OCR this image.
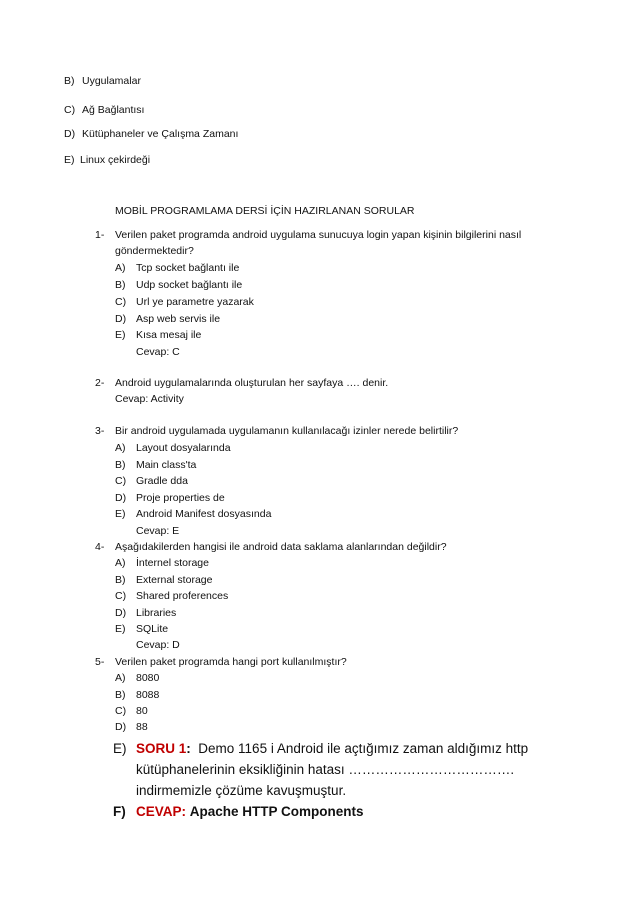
B) Uygulamalar
C) Ağ Bağlantısı
D) Kütüphaneler ve Çalışma Zamanı
E) Linux çekirdeği
MOBİL PROGRAMLAMA DERSİ İÇİN HAZIRLANAN SORULAR
1- Verilen paket programda android uygulama sunucuya login yapan kişinin bilgilerini nasıl
göndermektedir?
A) Tcp socket bağlantı ile
B) Udp socket bağlantı ile
C) Url ye parametre yazarak
D) Asp web servis ile
E) Kısa mesaj ile
Cevap: C
2- Android uygulamalarında oluşturulan her sayfaya …. denir.
Cevap: Activity
3- Bir android uygulamada uygulamanın kullanılacağı izinler nerede belirtilir?
A) Layout dosyalarında
B) Main class'ta
C) Gradle dda
D) Proje properties de
E) Android Manifest dosyasında
Cevap: E
4- Aşağıdakilerden hangisi ile android data saklama alanlarından değildir?
A) İnternel storage
B) External storage
C) Shared proferences
D) Libraries
E) SQLite
Cevap: D
5- Verilen paket programda hangi port kullanılmıştır?
A) 8080
B) 8088
C) 80
D) 88
E) SORU 1: Demo 1165 i Android ile açtığımız zaman aldığımız http
kütüphanelerinin eksikliğinin hatası ……………………………….
indirmemizle çözüme kavuşmuştur.
F) CEVAP: Apache HTTP Components
